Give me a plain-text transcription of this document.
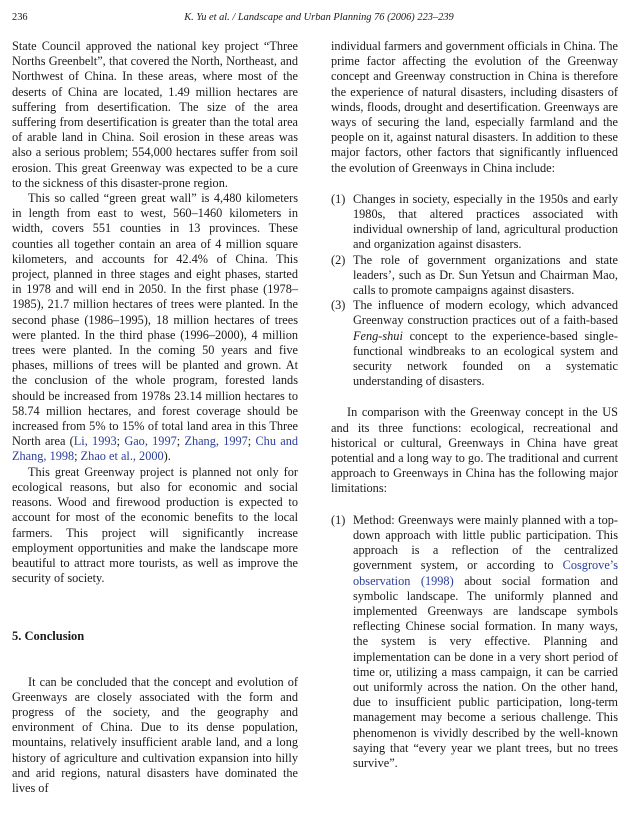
236	K. Yu et al. / Landscape and Urban Planning 76 (2006) 223–239

State Council approved the national key project “Three Norths Greenbelt”, that covered the North, Northeast, and Northwest of China. In these areas, where most of the deserts of China are located, 1.49 million hectares are suffering from desertification. The size of the area suffering from desertification is greater than the total area of arable land in China. Soil erosion in these areas was also a serious problem; 554,000 hectares suffer from soil erosion. This great Greenway was expected to be a cure to the sickness of this disaster-prone region.

This so called “green great wall” is 4,480 kilometers in length from east to west, 560–1460 kilometers in width, covers 551 counties in 13 provinces. These counties all together contain an area of 4 million square kilometers, and accounts for 42.4% of China. This project, planned in three stages and eight phases, started in 1978 and will end in 2050. In the first phase (1978–1985), 21.7 million hectares of trees were planted. In the second phase (1986–1995), 18 million hectares of trees were planted. In the third phase (1996–2000), 4 million trees were planted. In the coming 50 years and five phases, millions of trees will be planted and grown. At the conclusion of the whole program, forested lands should be increased from 1978s 23.14 million hectares to 58.74 million hectares, and forest coverage should be increased from 5% to 15% of total land area in this Three North area (Li, 1993; Gao, 1997; Zhang, 1997; Chu and Zhang, 1998; Zhao et al., 2000).

This great Greenway project is planned not only for ecological reasons, but also for economic and social reasons. Wood and firewood production is expected to account for most of the economic benefits to the local farmers. This project will significantly increase employment opportunities and make the landscape more beautiful to attract more tourists, as well as improve the security of society.

5. Conclusion

It can be concluded that the concept and evolution of Greenways are closely associated with the form and progress of the society, and the geography and environment of China. Due to its dense population, mountains, relatively insufficient arable land, and a long history of agriculture and cultivation expansion into hilly and arid regions, natural disasters have dominated the lives of

individual farmers and government officials in China. The prime factor affecting the evolution of the Greenway concept and Greenway construction in China is therefore the experience of natural disasters, including disasters of winds, floods, drought and desertification. Greenways are ways of securing the land, especially farmland and the people on it, against natural disasters. In addition to these major factors, other factors that significantly influenced the evolution of Greenways in China include:

(1) Changes in society, especially in the 1950s and early 1980s, that altered practices associated with individual ownership of land, agricultural production and organization against disasters.
(2) The role of government organizations and state leaders’, such as Dr. Sun Yetsun and Chairman Mao, calls to promote campaigns against disasters.
(3) The influence of modern ecology, which advanced Greenway construction practices out of a faith-based Feng-shui concept to the experience-based single-functional windbreaks to an ecological system and security network founded on a systematic understanding of disasters.

In comparison with the Greenway concept in the US and its three functions: ecological, recreational and historical or cultural, Greenways in China have great potential and a long way to go. The traditional and current approach to Greenways in China has the following major limitations:

(1) Method: Greenways were mainly planned with a top-down approach with little public participation. This approach is a reflection of the centralized government system, or according to Cosgrove’s observation (1998) about social formation and symbolic landscape. The uniformly planned and implemented Greenways are landscape symbols reflecting Chinese social formation. In many ways, the system is very effective. Planning and implementation can be done in a very short period of time or, utilizing a mass campaign, it can be carried out uniformly across the nation. On the other hand, due to insufficient public participation, long-term management may become a serious challenge. This phenomenon is vividly described by the well-known saying that “every year we plant trees, but no trees survive”.
